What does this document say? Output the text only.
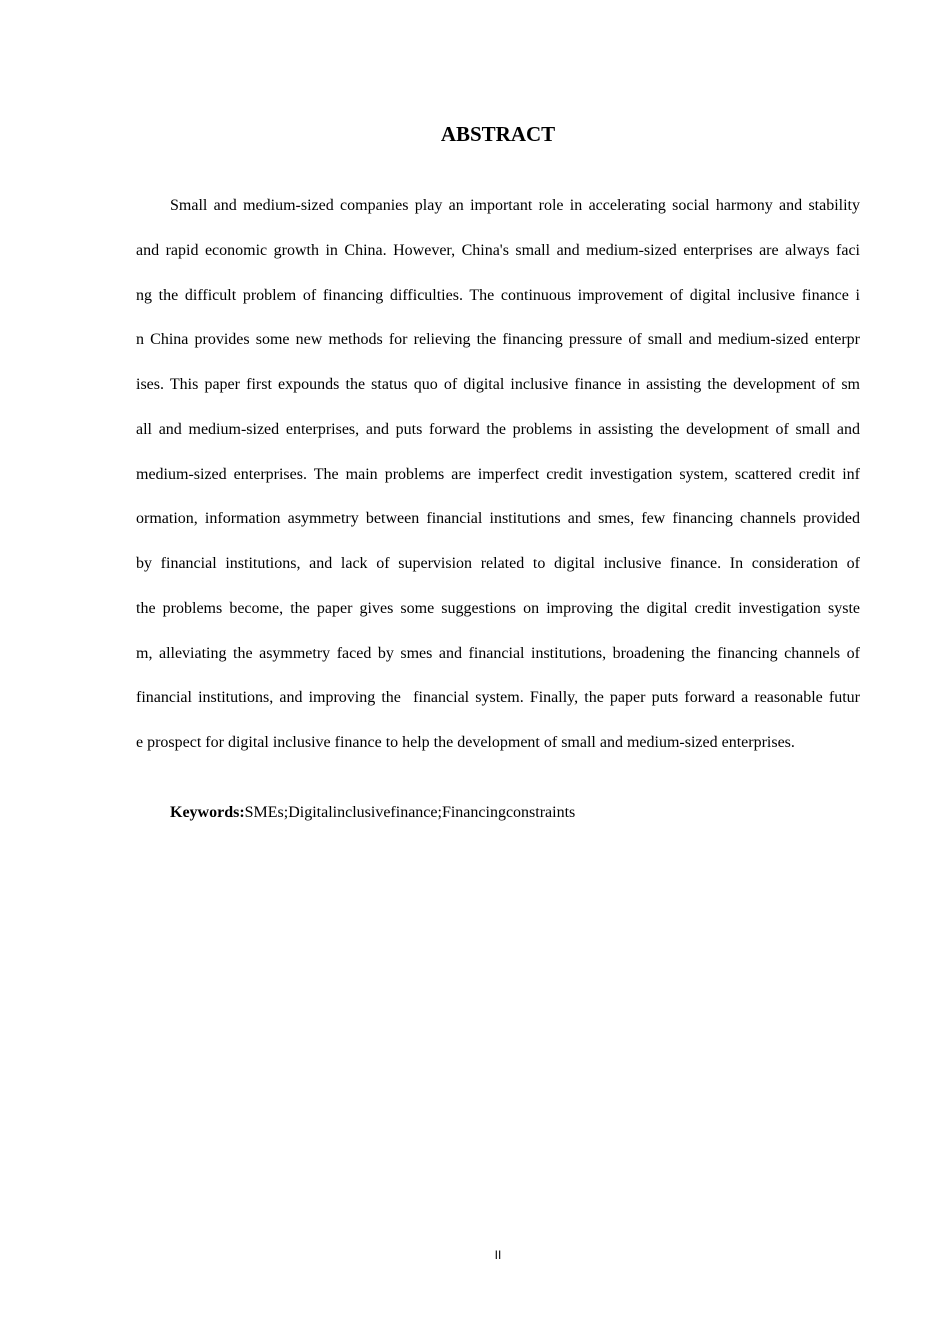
ABSTRACT
Small and medium-sized companies play an important role in accelerating social harmony and stability
and rapid economic growth in China. However, China's small and medium-sized enterprises are always faci
ng the difficult problem of financing difficulties. The continuous improvement of digital inclusive finance i
n China provides some new methods for relieving the financing pressure of small and medium-sized enterpr
ises. This paper first expounds the status quo of digital inclusive finance in assisting the development of sm
all and medium-sized enterprises, and puts forward the problems in assisting the development of small and
medium-sized enterprises. The main problems are imperfect credit investigation system, scattered credit inf
ormation, information asymmetry between financial institutions and smes, few financing channels provided
by financial institutions, and lack of supervision related to digital inclusive finance. In consideration of
the problems become, the paper gives some suggestions on improving the digital credit investigation syste
m, alleviating the asymmetry faced by smes and financial institutions, broadening the financing channels of
financial institutions, and improving the  financial system. Finally, the paper puts forward a reasonable futur
e prospect for digital inclusive finance to help the development of small and medium-sized enterprises.
Keywords:SMEs;Digitalinclusivefinance;Financingconstraints
II
